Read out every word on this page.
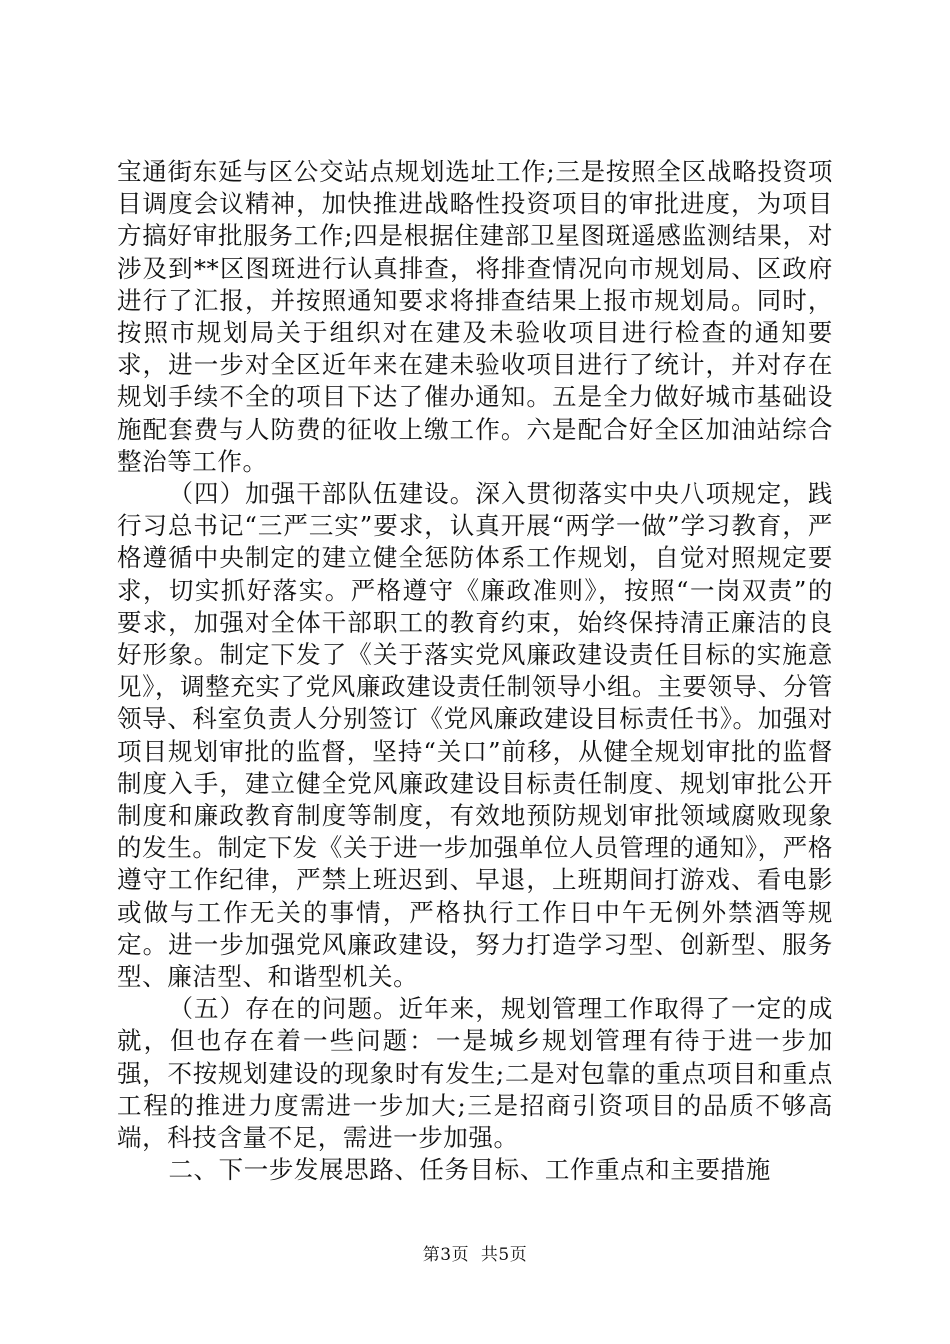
宝通街东延与区公交站点规划选址工作;三是按照全区战略投资项目调度会议精神，加快推进战略性投资项目的审批进度，为项目方搞好审批服务工作;四是根据住建部卫星图斑遥感监测结果，对涉及到**区图斑进行认真排查，将排查情况向市规划局、区政府进行了汇报，并按照通知要求将排查结果上报市规划局。同时，按照市规划局关于组织对在建及未验收项目进行检查的通知要求，进一步对全区近年来在建未验收项目进行了统计，并对存在规划手续不全的项目下达了催办通知。五是全力做好城市基础设施配套费与人防费的征收上缴工作。六是配合好全区加油站综合整治等工作。

（四）加强干部队伍建设。深入贯彻落实中央八项规定，践行习总书记“三严三实”要求，认真开展“两学一做”学习教育，严格遵循中央制定的建立健全惩防体系工作规划，自觉对照规定要求，切实抓好落实。严格遵守《廉政准则》，按照“一岗双责”的要求，加强对全体干部职工的教育约束，始终保持清正廉洁的良好形象。制定下发了《关于落实党风廉政建设责任目标的实施意见》，调整充实了党风廉政建设责任制领导小组。主要领导、分管领导、科室负责人分别签订《党风廉政建设目标责任书》。加强对项目规划审批的监督，坚持“关口”前移，从健全规划审批的监督制度入手，建立健全党风廉政建设目标责任制度、规划审批公开制度和廉政教育制度等制度，有效地预防规划审批领域腐败现象的发生。制定下发《关于进一步加强单位人员管理的通知》，严格遵守工作纪律，严禁上班迟到、早退，上班期间打游戏、看电影或做与工作无关的事情，严格执行工作日中午无例外禁酒等规定。进一步加强党风廉政建设，努力打造学习型、创新型、服务型、廉洁型、和谐型机关。

（五）存在的问题。近年来，规划管理工作取得了一定的成就，但也存在着一些问题：一是城乡规划管理有待于进一步加强，不按规划建设的现象时有发生;二是对包靠的重点项目和重点工程的推进力度需进一步加大;三是招商引资项目的品质不够高端，科技含量不足，需进一步加强。

二、下一步发展思路、任务目标、工作重点和主要措施

第3页  共5页
